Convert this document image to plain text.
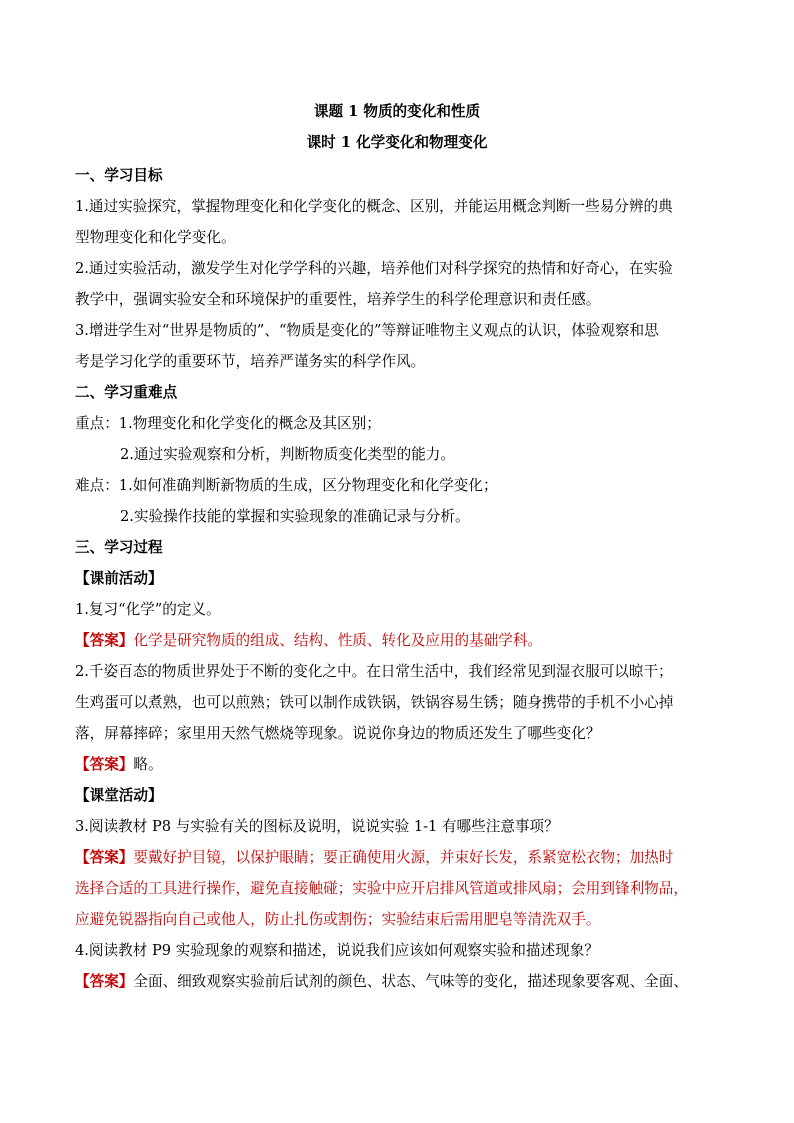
课题 1 物质的变化和性质
课时 1 化学变化和物理变化
一、学习目标
1.通过实验探究，掌握物理变化和化学变化的概念、区别，并能运用概念判断一些易分辨的典
型物理变化和化学变化。
2.通过实验活动，激发学生对化学学科的兴趣，培养他们对科学探究的热情和好奇心，在实验
教学中，强调实验安全和环境保护的重要性，培养学生的科学伦理意识和责任感。
3.增进学生对“世界是物质的”、“物质是变化的”等辩证唯物主义观点的认识，体验观察和思
考是学习化学的重要环节，培养严谨务实的科学作风。
二、学习重难点
重点：1.物理变化和化学变化的概念及其区别；
2.通过实验观察和分析，判断物质变化类型的能力。
难点：1.如何准确判断新物质的生成，区分物理变化和化学变化；
2.实验操作技能的掌握和实验现象的准确记录与分析。
三、学习过程
【课前活动】
1.复习“化学”的定义。
【答案】化学是研究物质的组成、结构、性质、转化及应用的基础学科。
2.千姿百态的物质世界处于不断的变化之中。在日常生活中，我们经常见到湿衣服可以晾干；
生鸡蛋可以煮熟，也可以煎熟；铁可以制作成铁锅，铁锅容易生锈；随身携带的手机不小心掉
落，屏幕摔碎；家里用天然气燃烧等现象。说说你身边的物质还发生了哪些变化？
【答案】略。
【课堂活动】
3.阅读教材 P8 与实验有关的图标及说明，说说实验 1-1 有哪些注意事项？
【答案】要戴好护目镜，以保护眼睛；要正确使用火源，并束好长发，系紧宽松衣物；加热时
选择合适的工具进行操作，避免直接触碰；实验中应开启排风管道或排风扇；会用到锋利物品，
应避免锐器指向自己或他人，防止扎伤或割伤；实验结束后需用肥皂等清洗双手。
4.阅读教材 P9 实验现象的观察和描述，说说我们应该如何观察实验和描述现象？
【答案】全面、细致观察实验前后试剂的颜色、状态、气味等的变化，描述现象要客观、全面、
